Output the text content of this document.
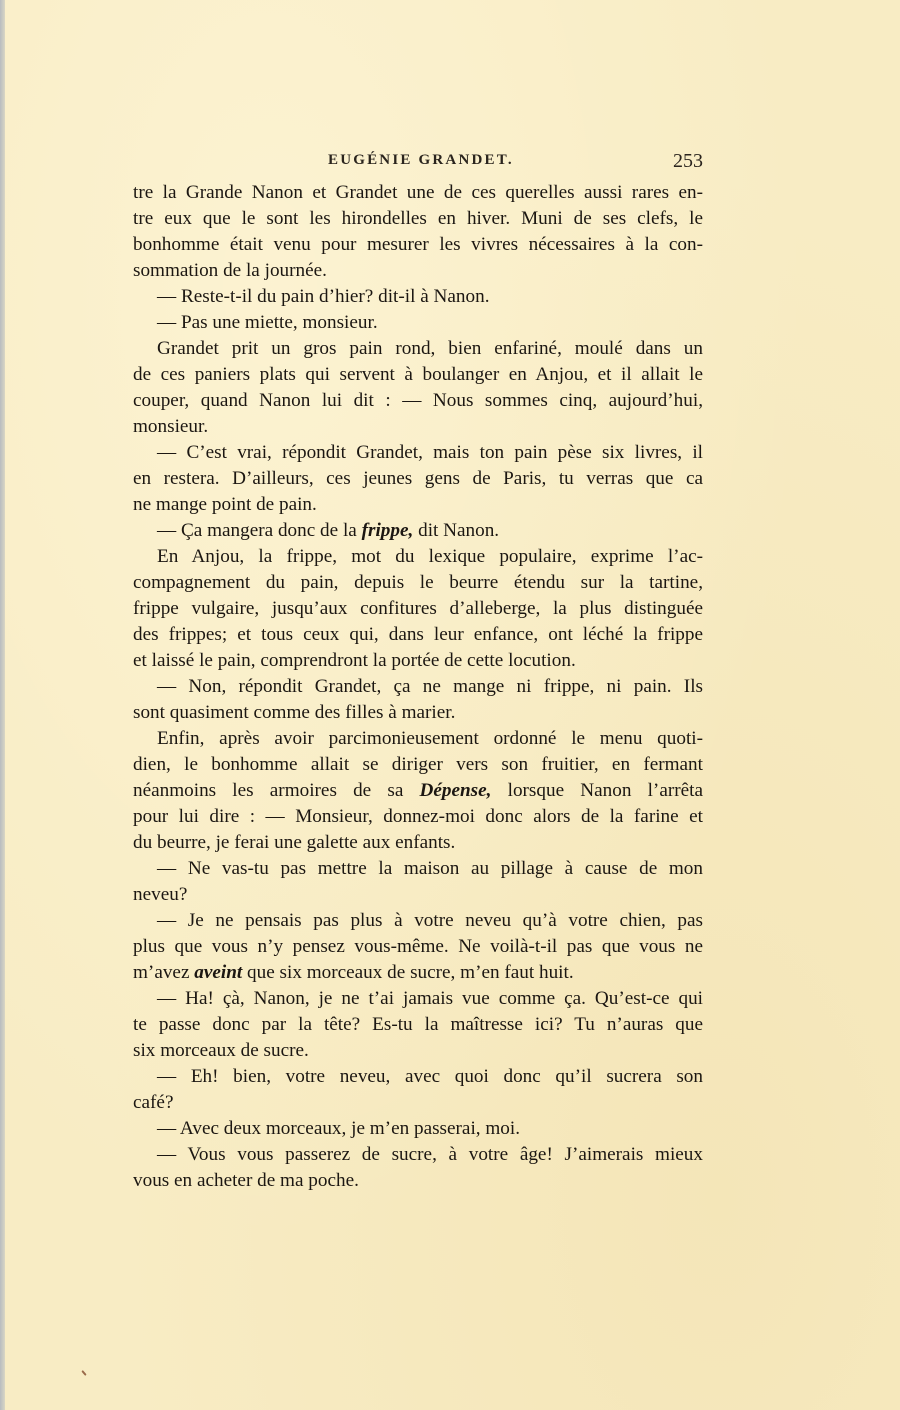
EUGÉNIE GRANDET.	253
tre la Grande Nanon et Grandet une de ces querelles aussi rares en-
tre eux que le sont les hirondelles en hiver. Muni de ses clefs, le
bonhomme était venu pour mesurer les vivres nécessaires à la con-
sommation de la journée.
— Reste-t-il du pain d’hier? dit-il à Nanon.
— Pas une miette, monsieur.
Grandet prit un gros pain rond, bien enfariné, moulé dans un
de ces paniers plats qui servent à boulanger en Anjou, et il allait le
couper, quand Nanon lui dit : — Nous sommes cinq, aujourd’hui,
monsieur.
— C’est vrai, répondit Grandet, mais ton pain pèse six livres, il
en restera. D’ailleurs, ces jeunes gens de Paris, tu verras que ca
ne mange point de pain.
— Ça mangera donc de la frippe, dit Nanon.
En Anjou, la frippe, mot du lexique populaire, exprime l’ac-
compagnement du pain, depuis le beurre étendu sur la tartine,
frippe vulgaire, jusqu’aux confitures d’alleberge, la plus distinguée
des frippes; et tous ceux qui, dans leur enfance, ont léché la frippe
et laissé le pain, comprendront la portée de cette locution.
— Non, répondit Grandet, ça ne mange ni frippe, ni pain. Ils
sont quasiment comme des filles à marier.
Enfin, après avoir parcimonieusement ordonné le menu quoti-
dien, le bonhomme allait se diriger vers son fruitier, en fermant
néanmoins les armoires de sa Dépense, lorsque Nanon l’arrêta
pour lui dire : — Monsieur, donnez-moi donc alors de la farine et
du beurre, je ferai une galette aux enfants.
— Ne vas-tu pas mettre la maison au pillage à cause de mon
neveu?
— Je ne pensais pas plus à votre neveu qu’à votre chien, pas
plus que vous n’y pensez vous-même. Ne voilà-t-il pas que vous ne
m’avez aveint que six morceaux de sucre, m’en faut huit.
— Ha! çà, Nanon, je ne t’ai jamais vue comme ça. Qu’est-ce qui
te passe donc par la tête? Es-tu la maîtresse ici? Tu n’auras que
six morceaux de sucre.
— Eh! bien, votre neveu, avec quoi donc qu’il sucrera son
café?
— Avec deux morceaux, je m’en passerai, moi.
— Vous vous passerez de sucre, à votre âge! J’aimerais mieux
vous en acheter de ma poche.
